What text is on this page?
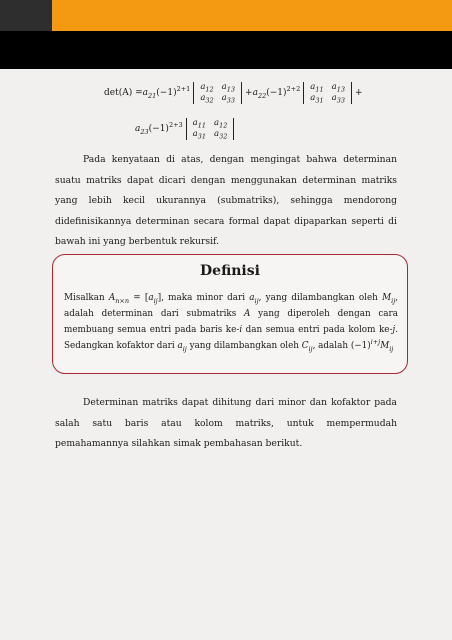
$\det(A) = a_{21}$ $(-1)^{2+1}$ $a_{12}$	$a_{13}$
$a_{32}$	$a_{33}$
+ $a_{22}$ $(-1)^{2+2}$ $a_{11}$	$a_{13}$
$a_{31}$	$a_{33}$
+
$a_{23}$ $(-1)^{2+3}$ $a_{11}$	$a_{12}$
$a_{31}$	$a_{32}$

Pada kenyataan di atas, dengan mengingat bahwa determinan suatu matriks dapat dicari dengan menggunakan determinan matriks yang lebih kecil ukurannya (submatriks), sehingga mendorong didefinisikannya determinan secara formal dapat dipaparkan seperti di bawah ini yang berbentuk rekursif.

Definisi

Misalkan $A_{n\times n} = [a_{ij}]$, maka minor dari $a_{ij}$, yang dilambangkan oleh $M_{ij}$, adalah determinan dari submatriks A yang diperoleh dengan cara membuang semua entri pada baris ke-i dan semua entri pada kolom ke-j. Sedangkan kofaktor dari $a_{ij}$ yang dilambangkan oleh $C_{ij}$, adalah $(-1)^{i+j}M_{ij}$

Determinan matriks dapat dihitung dari minor dan kofaktor pada salah satu baris atau kolom matriks, untuk mempermudah pemahamannya silahkan simak pembahasan berikut.
